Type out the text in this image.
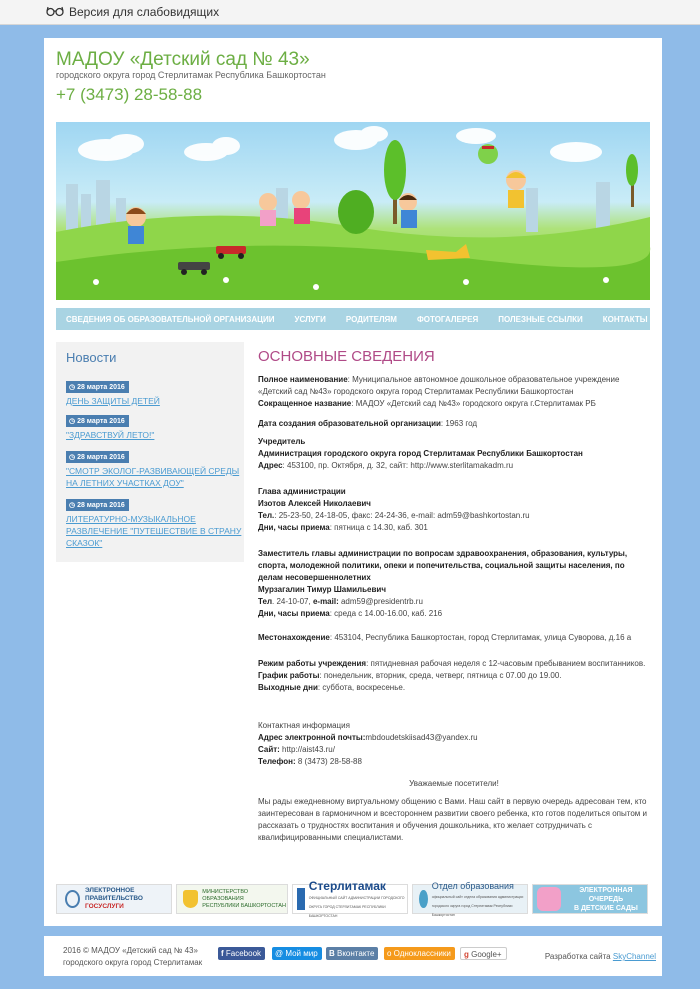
Версия для слабовидящих
МАДОУ «Детский сад № 43»
городского округа город Стерлитамак Республика Башкортостан
+7 (3473) 28-58-88
СВЕДЕНИЯ ОБ ОБРАЗОВАТЕЛЬНОЙ ОРГАНИЗАЦИИ	УСЛУГИ	РОДИТЕЛЯМ	ФОТОГАЛЕРЕЯ	ПОЛЕЗНЫЕ ССЫЛКИ	КОНТАКТЫ
Новости
◷ 28 марта 2016
ДЕНЬ ЗАЩИТЫ ДЕТЕЙ
◷ 28 марта 2016
"ЗДРАВСТВУЙ ЛЕТО!"
◷ 28 марта 2016
"СМОТР ЭКОЛОГ-РАЗВИВАЮЩЕЙ СРЕДЫ НА ЛЕТНИХ УЧАСТКАХ ДОУ"
◷ 28 марта 2016
ЛИТЕРАТУРНО-МУЗЫКАЛЬНОЕ РАЗВЛЕЧЕНИЕ "ПУТЕШЕСТВИЕ В СТРАНУ СКАЗОК"
ОСНОВНЫЕ СВЕДЕНИЯ
Полное наименование: Муниципальное автономное дошкольное образовательное учреждение «Детский сад №43» городского округа город Стерлитамак Республики Башкортостан
Сокращенное название: МАДОУ «Детский сад №43» городского округа г.Стерлитамак РБ
Дата создания образовательной организации: 1963 год
Учредитель
Администрация городского округа город Стерлитамак Республики Башкортостан
Адрес: 453100, пр. Октября, д. 32, сайт: http://www.sterlitamakadm.ru
Глава администрации
Изотов Алексей Николаевич
Тел.: 25-23-50, 24-18-05, факс: 24-24-36, e-mail: adm59@bashkortostan.ru
Дни, часы приема: пятница с 14.30, каб. 301
Заместитель главы администрации по вопросам здравоохранения, образования, культуры, спорта, молодежной политики, опеки и попечительства, социальной защиты населения, по делам несовершеннолетних
Мурзагалин Тимур Шамильевич
Тел. 24-10-07, e-mail: adm59@presidentrb.ru
Дни, часы приема: среда с 14.00-16.00, каб. 216
Местонахождение: 453104, Республика Башкортостан, город Стерлитамак, улица Суворова, д.16 а
Режим работы учреждения: пятидневная рабочая неделя с 12-часовым пребыванием воспитанников.
График работы: понедельник, вторник, среда, четверг, пятница с 07.00 до 19.00.
Выходные дни: суббота, воскресенье.
Контактная информация
Адрес электронной почты:mbdoudetskiisad43@yandex.ru
Сайт: http://aist43.ru/
Телефон: 8 (3473) 28-58-88
Уважаемые посетители!
Мы рады ежедневному виртуальному общению с Вами. Наш сайт в первую очередь адресован тем, кто заинтересован в гармоничном и всестороннем развитии своего ребенка, кто готов поделиться опытом и рассказать о трудностях воспитания и обучения дошкольника, кто желает сотрудничать с квалифицированными специалистами.
ЭЛЕКТРОННОЕ ПРАВИТЕЛЬСТВО
ГОСУСЛУГИ
МИНИСТЕРСТВО ОБРАЗОВАНИЯ
РЕСПУБЛИКИ БАШКОРТОСТАН
Стерлитамак
ОФИЦИАЛЬНЫЙ САЙТ АДМИНИСТРАЦИИ ГОРОДСКОГО ОКРУГА ГОРОД СТЕРЛИТАМАК РЕСПУБЛИКИ БАШКОРТОСТАН
Отдел образования
официальный сайт отдела образования администрации городского округа город Стерлитамак Республики Башкортостан
ЭЛЕКТРОННАЯ ОЧЕРЕДЬ
В ДЕТСКИЕ САДЫ
2016 © МАДОУ «Детский сад № 43»
городского округа город Стерлитамак
f Facebook	@ Мой мир	B Вконтакте	o Одноклассники	g Google+	Разработка сайта SkyChannel
